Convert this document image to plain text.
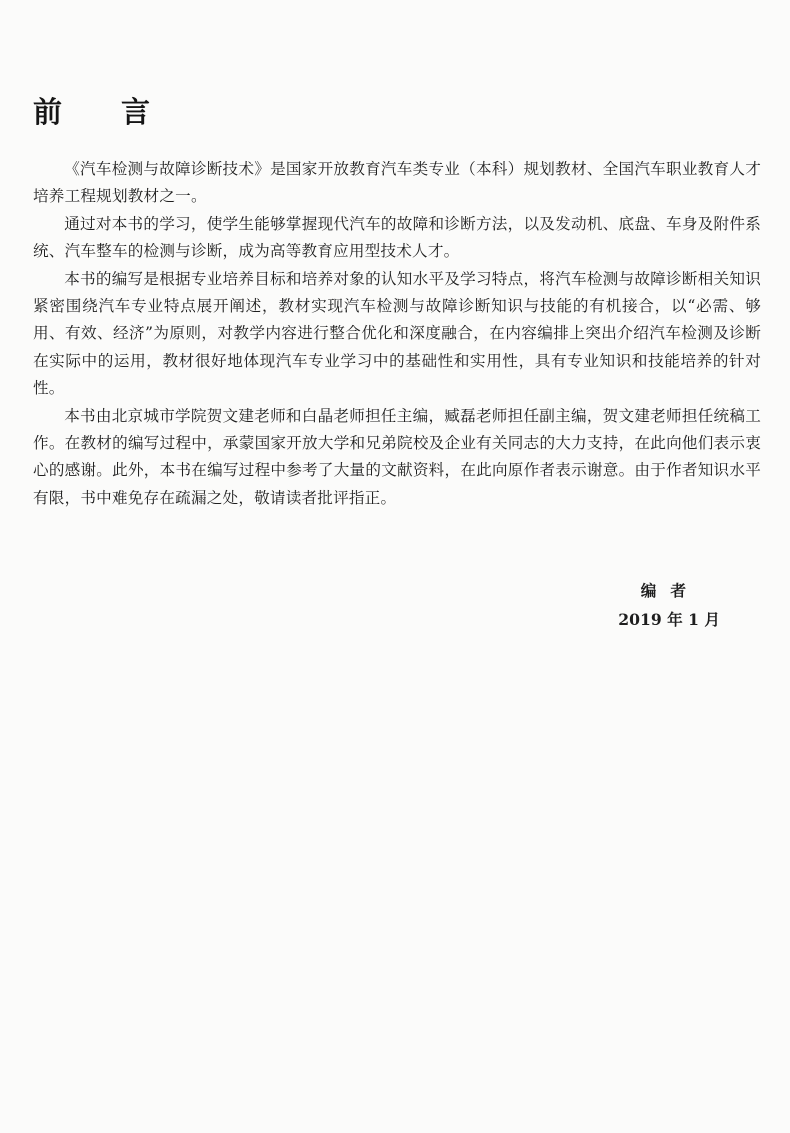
前 言

《汽车检测与故障诊断技术》是国家开放教育汽车类专业（本科）规划教材、全国汽车职业教育人才培养工程规划教材之一。

通过对本书的学习，使学生能够掌握现代汽车的故障和诊断方法，以及发动机、底盘、车身及附件系统、汽车整车的检测与诊断，成为高等教育应用型技术人才。

本书的编写是根据专业培养目标和培养对象的认知水平及学习特点，将汽车检测与故障诊断相关知识紧密围绕汽车专业特点展开阐述，教材实现汽车检测与故障诊断知识与技能的有机接合，以“必需、够用、有效、经济”为原则，对教学内容进行整合优化和深度融合，在内容编排上突出介绍汽车检测及诊断在实际中的运用，教材很好地体现汽车专业学习中的基础性和实用性，具有专业知识和技能培养的针对性。

本书由北京城市学院贺文建老师和白晶老师担任主编，臧磊老师担任副主编，贺文建老师担任统稿工作。在教材的编写过程中，承蒙国家开放大学和兄弟院校及企业有关同志的大力支持，在此向他们表示衷心的感谢。此外，本书在编写过程中参考了大量的文献资料，在此向原作者表示谢意。由于作者知识水平有限，书中难免存在疏漏之处，敬请读者批评指正。

编者
2019 年 1 月
